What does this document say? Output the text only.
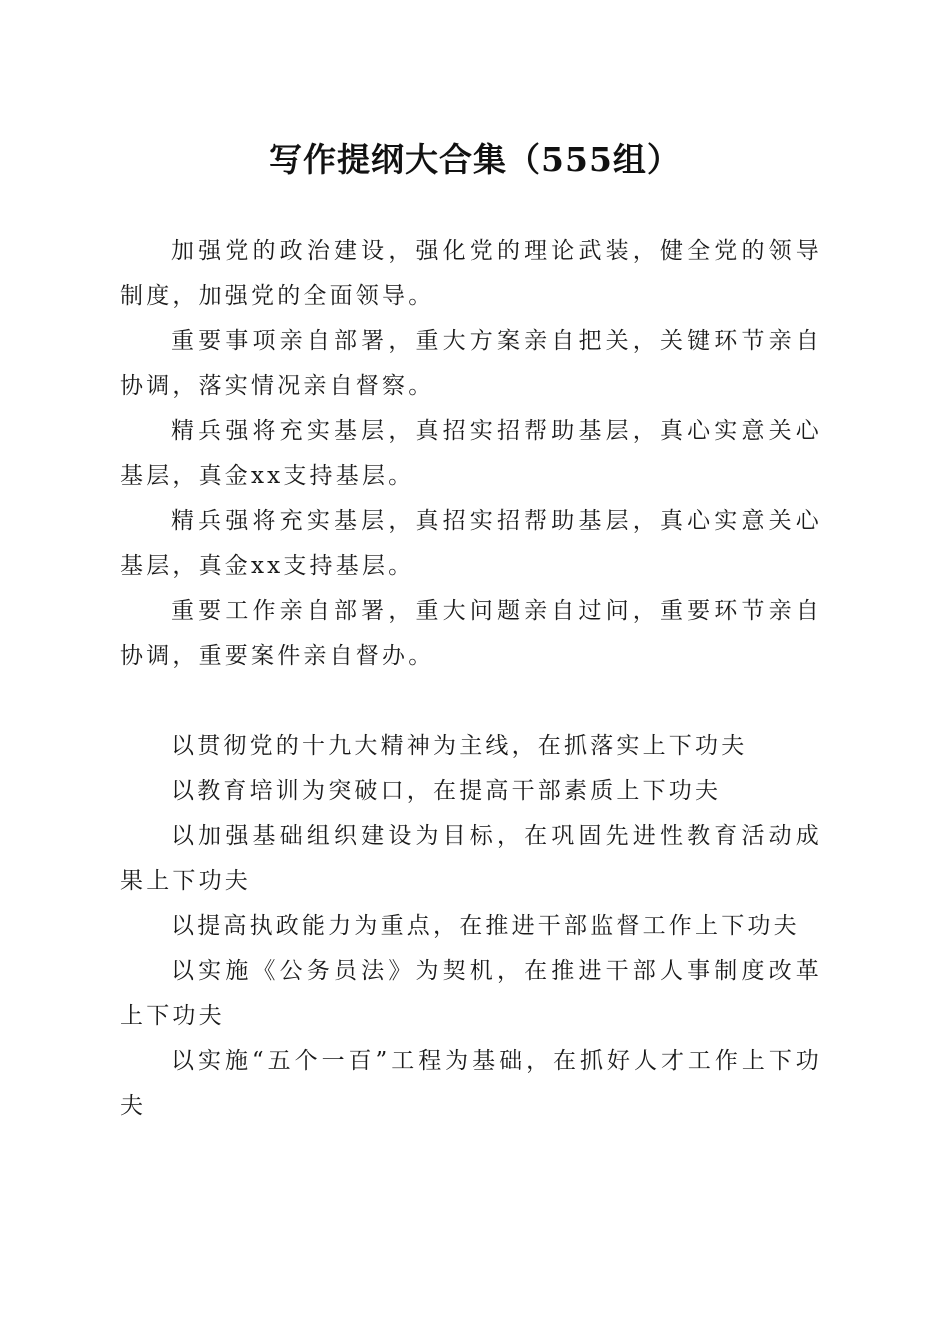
写作提纲大合集（555组）

加强党的政治建设，强化党的理论武装，健全党的领导制度，加强党的全面领导。

重要事项亲自部署，重大方案亲自把关，关键环节亲自协调，落实情况亲自督察。

精兵强将充实基层，真招实招帮助基层，真心实意关心基层，真金xx支持基层。

精兵强将充实基层，真招实招帮助基层，真心实意关心基层，真金xx支持基层。

重要工作亲自部署，重大问题亲自过问，重要环节亲自协调，重要案件亲自督办。

以贯彻党的十九大精神为主线，在抓落实上下功夫

以教育培训为突破口，在提高干部素质上下功夫

以加强基础组织建设为目标，在巩固先进性教育活动成果上下功夫

以提高执政能力为重点，在推进干部监督工作上下功夫

以实施《公务员法》为契机，在推进干部人事制度改革上下功夫

以实施“五个一百”工程为基础，在抓好人才工作上下功夫
